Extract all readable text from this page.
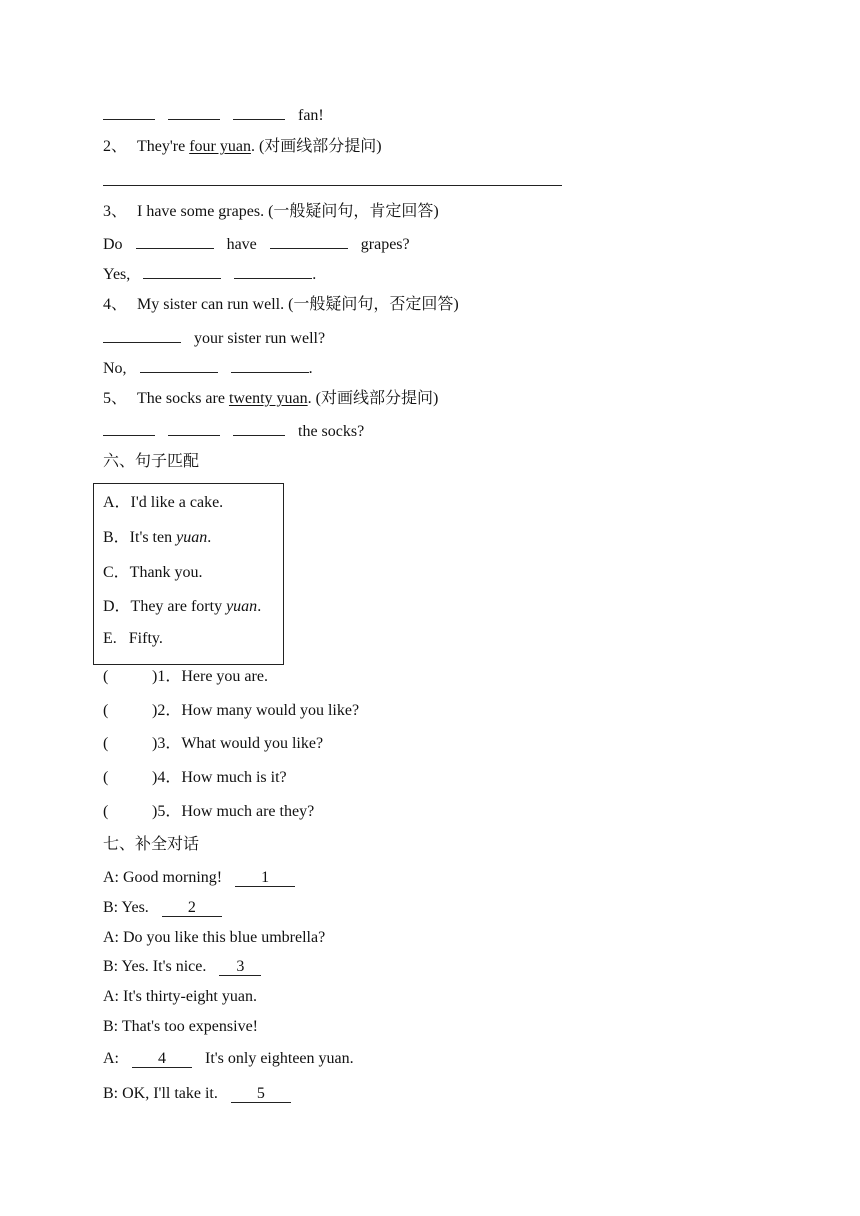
fan!
2、 They're four yuan. (对画线部分提问)
3、 I have some grapes. (一般疑问句，肯定回答)
Do	have	grapes?
Yes,	.
4、 My sister can run well. (一般疑问句，否定回答)
your sister run well?
No,	.
5、 The socks are twenty yuan. (对画线部分提问)
the socks?
六、句子匹配
A．I'd like a cake.
B．It's ten yuan.
C．Thank you.
D．They are forty yuan.
E.   Fifty.
(	)1．Here you are.
(	)2．How many would you like?
(	)3．What would you like?
(	)4．How much is it?
(	)5．How much are they?
七、补全对话
A: Good morning! 1
B: Yes. 2
A: Do you like this blue umbrella?
B: Yes. It's nice. 3
A: It's thirty-eight yuan.
B: That's too expensive!
A: 4 It's only eighteen yuan.
B: OK, I'll take it. 5
